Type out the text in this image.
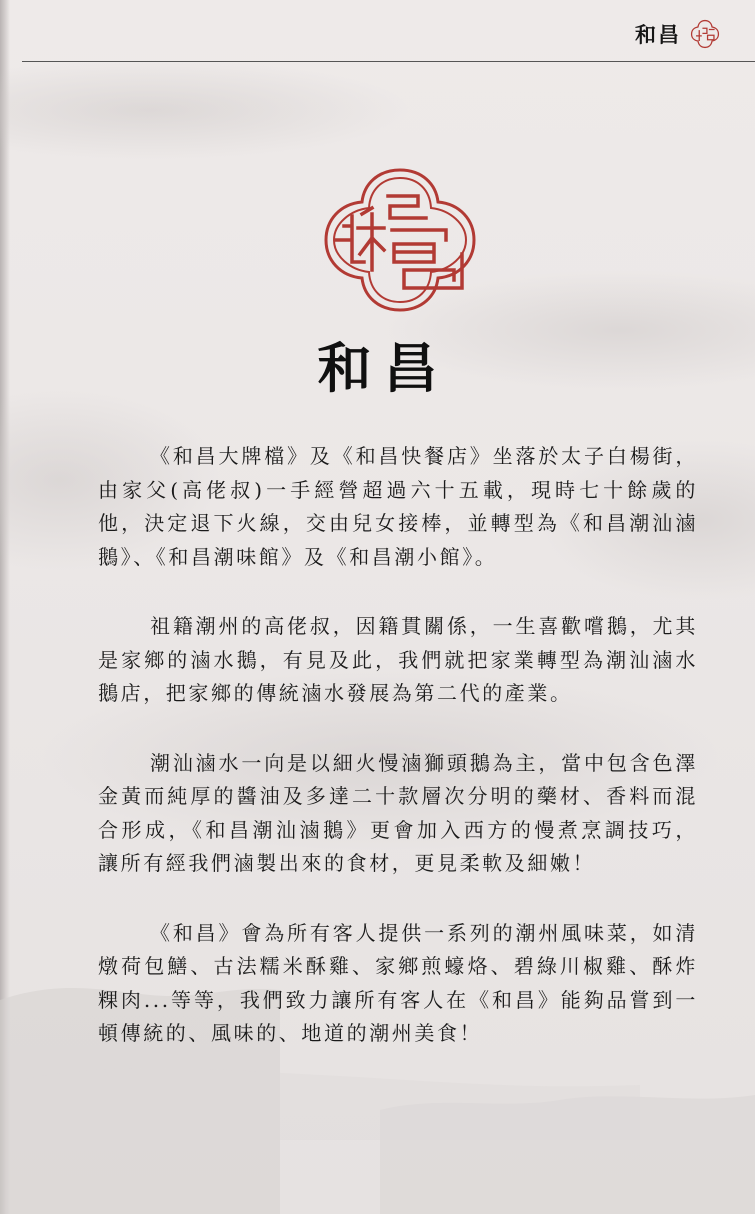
和昌
和昌

《和昌大牌檔》及《和昌快餐店》坐落於太子白楊街，由家父(高佬叔)一手經營超過六十五載，現時七十餘歲的他，決定退下火線，交由兒女接棒，並轉型為《和昌潮汕滷鵝》、《和昌潮味館》及《和昌潮小館》。

祖籍潮州的高佬叔，因籍貫關係，一生喜歡嚐鵝，尤其是家鄉的滷水鵝，有見及此，我們就把家業轉型為潮汕滷水鵝店，把家鄉的傳統滷水發展為第二代的產業。

潮汕滷水一向是以細火慢滷獅頭鵝為主，當中包含色澤金黃而純厚的醬油及多達二十款層次分明的藥材、香料而混合形成，《和昌潮汕滷鵝》更會加入西方的慢煮烹調技巧，讓所有經我們滷製出來的食材，更見柔軟及細嫩！

《和昌》會為所有客人提供一系列的潮州風味菜，如清燉荷包鱔、古法糯米酥雞、家鄉煎蠔烙、碧綠川椒雞、酥炸粿肉...等等，我們致力讓所有客人在《和昌》能夠品嘗到一頓傳統的、風味的、地道的潮州美食！
